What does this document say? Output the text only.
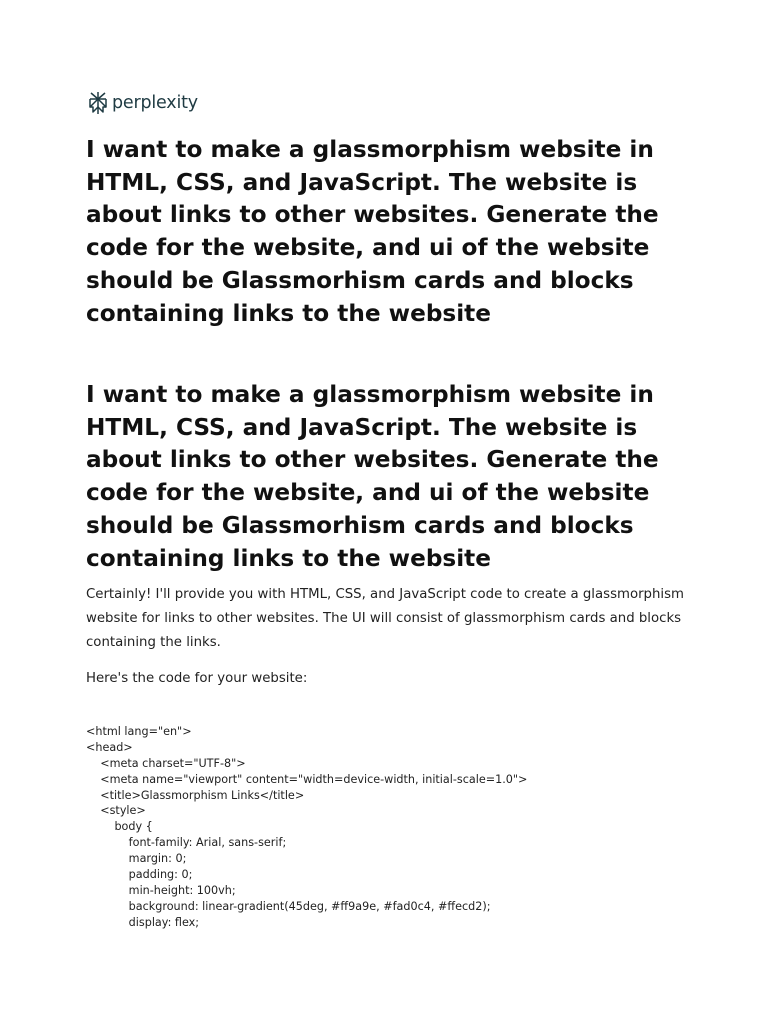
perplexity
I want to make a glassmorphism website in HTML, CSS, and JavaScript. The website is about links to other websites. Generate the code for the website, and ui of the website should be Glassmorhism cards and blocks containing links to the website
I want to make a glassmorphism website in HTML, CSS, and JavaScript. The website is about links to other websites. Generate the code for the website, and ui of the website should be Glassmorhism cards and blocks containing links to the website

Certainly! I'll provide you with HTML, CSS, and JavaScript code to create a glassmorphism website for links to other websites. The UI will consist of glassmorphism cards and blocks containing the links.

Here's the code for your website:

<html lang="en">
<head>
<meta charset="UTF-8">
<meta name="viewport" content="width=device-width, initial-scale=1.0">
<title>Glassmorphism Links</title>
<style>
body {
font-family: Arial, sans-serif;
margin: 0;
padding: 0;
min-height: 100vh;
background: linear-gradient(45deg, #ff9a9e, #fad0c4, #ffecd2);
display: flex;
